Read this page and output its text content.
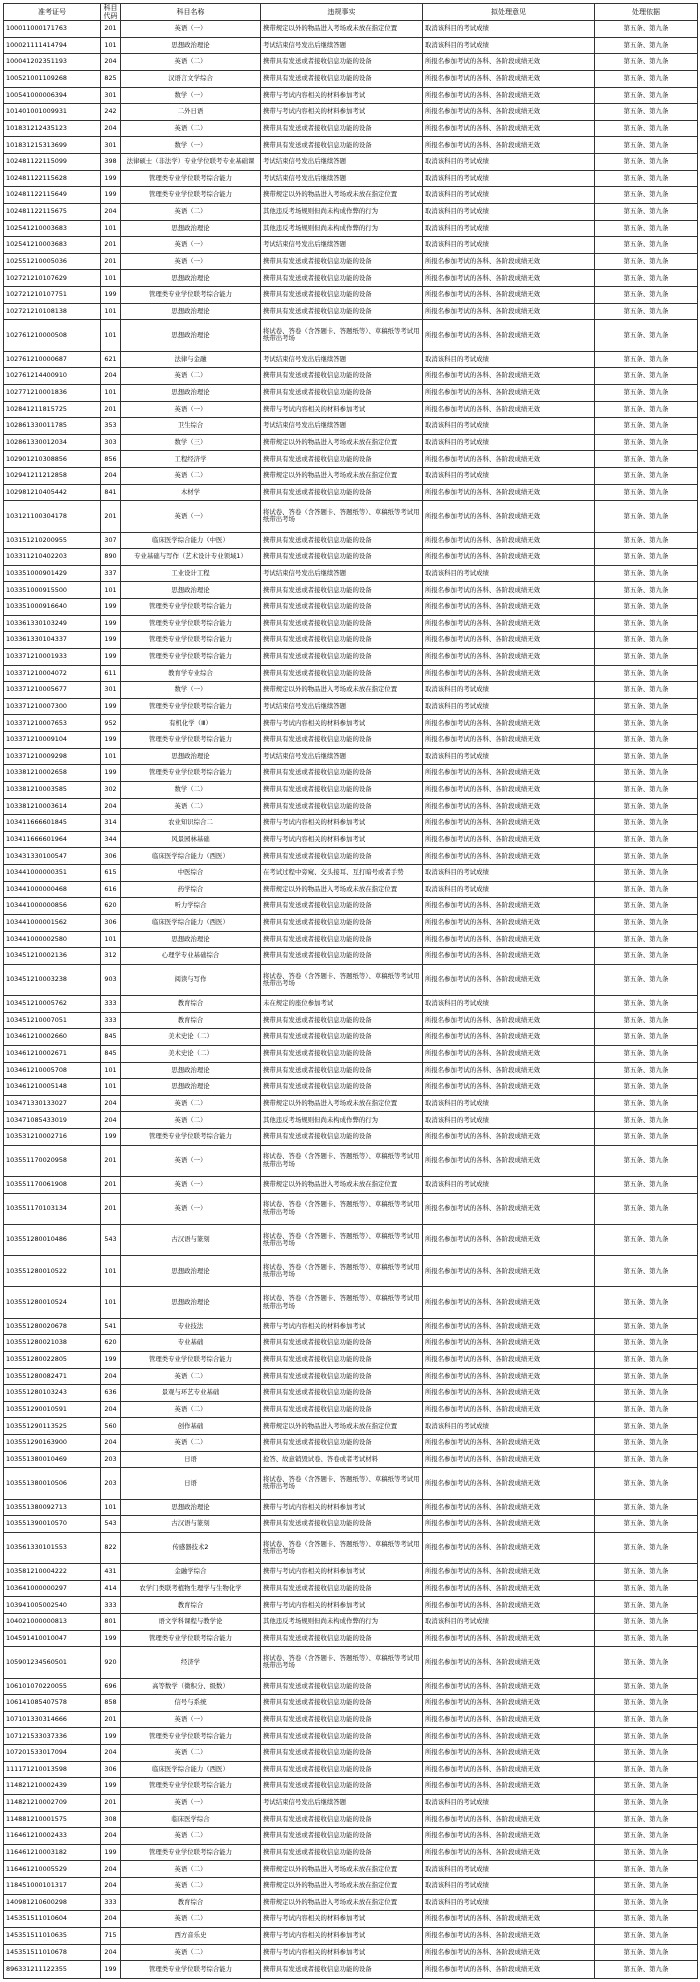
准考证号	科目代码	科目名称	违规事实	拟处理意见	处理依据
10001100017176​3	201	英语（一）	携带规定以外的物品进入考场或未放在指定位置	取消该科目的考试成绩	第五条、第九条
100021111414794	101	思想政治理论	考试结束信号发出后继续答题	取消该科目的考试成绩	第五条、第九条
100041202351193	204	英语（二）	携带具有发送或者接收信息功能的设备	所报名参加考试的各科、各阶段成绩无效	第五条、第九条
100521001109268	825	汉语言文学综合	携带具有发送或者接收信息功能的设备	所报名参加考试的各科、各阶段成绩无效	第五条、第九条
100541000006394	301	数学（一）	携带与考试内容相关的材料参加考试	所报名参加考试的各科、各阶段成绩无效	第五条、第九条
101401001009931	242	二外日语	携带与考试内容相关的材料参加考试	所报名参加考试的各科、各阶段成绩无效	第五条、第九条
101831212435123	204	英语（二）	携带具有发送或者接收信息功能的设备	所报名参加考试的各科、各阶段成绩无效	第五条、第九条
101831215313699	301	数学（一）	携带具有发送或者接收信息功能的设备	所报名参加考试的各科、各阶段成绩无效	第五条、第九条
102481122115099	398	法律硕士（非法学）专业学位联考专业基础课	考试结束信号发出后继续答题	取消该科目的考试成绩	第五条、第九条
102481122115628	199	管理类专业学位联考综合能力	考试结束信号发出后继续答题	取消该科目的考试成绩	第五条、第九条
102481122115649	199	管理类专业学位联考综合能力	携带规定以外的物品进入考场或未放在指定位置	取消该科目的考试成绩	第五条、第九条
102481122115675	204	英语（二）	其他违反考场规则但尚未构成作弊的行为	取消该科目的考试成绩	第五条、第九条
102541210003683	101	思想政治理论	其他违反考场规则但尚未构成作弊的行为	取消该科目的考试成绩	第五条、第九条
102541210003683	201	英语（一）	考试结束信号发出后继续答题	取消该科目的考试成绩	第五条、第九条
102551210005036	201	英语（一）	携带具有发送或者接收信息功能的设备	所报名参加考试的各科、各阶段成绩无效	第五条、第九条
102721210107629	101	思想政治理论	携带具有发送或者接收信息功能的设备	所报名参加考试的各科、各阶段成绩无效	第五条、第九条
102721210107751	199	管理类专业学位联考综合能力	携带具有发送或者接收信息功能的设备	所报名参加考试的各科、各阶段成绩无效	第五条、第九条
102721210108138	101	思想政治理论	携带具有发送或者接收信息功能的设备	所报名参加考试的各科、各阶段成绩无效	第五条、第九条
102761210000508	101	思想政治理论	将试卷、答卷（含答题卡、答题纸等）、草稿纸等考试用纸带出考场	所报名参加考试的各科、各阶段成绩无效	第五条、第九条
102761210000687	621	法律与金融	考试结束信号发出后继续答题	取消该科目的考试成绩	第五条、第九条
102761214400910	204	英语（二）	携带具有发送或者接收信息功能的设备	所报名参加考试的各科、各阶段成绩无效	第五条、第九条
102771210001836	101	思想政治理论	携带具有发送或者接收信息功能的设备	所报名参加考试的各科、各阶段成绩无效	第五条、第九条
102841211815725	201	英语（一）	携带与考试内容相关的材料参加考试	所报名参加考试的各科、各阶段成绩无效	第五条、第九条
102861330011785	353	卫生综合	考试结束信号发出后继续答题	取消该科目的考试成绩	第五条、第九条
102861330012034	303	数学（三）	携带规定以外的物品进入考场或未放在指定位置	取消该科目的考试成绩	第五条、第九条
102901210308856	856	工程经济学	携带具有发送或者接收信息功能的设备	所报名参加考试的各科、各阶段成绩无效	第五条、第九条
102941211212858	204	英语（二）	携带规定以外的物品进入考场或未放在指定位置	取消该科目的考试成绩	第五条、第九条
102981210405442	841	木材学	携带具有发送或者接收信息功能的设备	所报名参加考试的各科、各阶段成绩无效	第五条、第九条
103121100304178	201	英语（一）	将试卷、答卷（含答题卡、答题纸等）、草稿纸等考试用纸带出考场	所报名参加考试的各科、各阶段成绩无效	第五条、第九条
103151210200955	307	临床医学综合能力（中医）	携带具有发送或者接收信息功能的设备	所报名参加考试的各科、各阶段成绩无效	第五条、第九条
103311210402203	890	专业基础与写作（艺术设计专业领域1）	携带具有发送或者接收信息功能的设备	所报名参加考试的各科、各阶段成绩无效	第五条、第九条
103351000901429	337	工业设计工程	考试结束信号发出后继续答题	取消该科目的考试成绩	第五条、第九条
103351000915500	101	思想政治理论	携带具有发送或者接收信息功能的设备	所报名参加考试的各科、各阶段成绩无效	第五条、第九条
103351000916640	199	管理类专业学位联考综合能力	携带具有发送或者接收信息功能的设备	所报名参加考试的各科、各阶段成绩无效	第五条、第九条
103361330103249	199	管理类专业学位联考综合能力	携带具有发送或者接收信息功能的设备	所报名参加考试的各科、各阶段成绩无效	第五条、第九条
103361330104337	199	管理类专业学位联考综合能力	携带具有发送或者接收信息功能的设备	所报名参加考试的各科、各阶段成绩无效	第五条、第九条
103371210001933	199	管理类专业学位联考综合能力	携带具有发送或者接收信息功能的设备	所报名参加考试的各科、各阶段成绩无效	第五条、第九条
103371210004072	611	教育学专业综合	携带具有发送或者接收信息功能的设备	所报名参加考试的各科、各阶段成绩无效	第五条、第九条
103371210005677	301	数学（一）	携带规定以外的物品进入考场或未放在指定位置	取消该科目的考试成绩	第五条、第九条
103371210007300	199	管理类专业学位联考综合能力	考试结束信号发出后继续答题	取消该科目的考试成绩	第五条、第九条
103371210007653	952	有机化学（Ⅲ）	携带与考试内容相关的材料参加考试	所报名参加考试的各科、各阶段成绩无效	第五条、第九条
103371210009104	199	管理类专业学位联考综合能力	携带具有发送或者接收信息功能的设备	所报名参加考试的各科、各阶段成绩无效	第五条、第九条
103371210009298	101	思想政治理论	考试结束信号发出后继续答题	取消该科目的考试成绩	第五条、第九条
103381210002658	199	管理类专业学位联考综合能力	携带具有发送或者接收信息功能的设备	所报名参加考试的各科、各阶段成绩无效	第五条、第九条
103381210003585	302	数学（二）	携带具有发送或者接收信息功能的设备	所报名参加考试的各科、各阶段成绩无效	第五条、第九条
103381210003614	204	英语（二）	携带具有发送或者接收信息功能的设备	所报名参加考试的各科、各阶段成绩无效	第五条、第九条
103411666601845	314	农业知识综合二	携带与考试内容相关的材料参加考试	所报名参加考试的各科、各阶段成绩无效	第五条、第九条
103411666601964	344	风景园林基础	携带与考试内容相关的材料参加考试	所报名参加考试的各科、各阶段成绩无效	第五条、第九条
103431330100547	306	临床医学综合能力（西医）	携带具有发送或者接收信息功能的设备	所报名参加考试的各科、各阶段成绩无效	第五条、第九条
103441000000351	615	中医综合	在考试过程中旁窥、交头接耳、互打暗号或者手势	取消该科目的考试成绩	第五条、第九条
103441000000468	616	药学综合	携带规定以外的物品进入考场或未放在指定位置	取消该科目的考试成绩	第五条、第九条
103441000000856	620	听力学综合	携带具有发送或者接收信息功能的设备	所报名参加考试的各科、各阶段成绩无效	第五条、第九条
103441000001562	306	临床医学综合能力（西医）	携带具有发送或者接收信息功能的设备	所报名参加考试的各科、各阶段成绩无效	第五条、第九条
103441000002580	101	思想政治理论	携带具有发送或者接收信息功能的设备	所报名参加考试的各科、各阶段成绩无效	第五条、第九条
103451210002136	312	心理学专业基础综合	携带具有发送或者接收信息功能的设备	所报名参加考试的各科、各阶段成绩无效	第五条、第九条
103451210003238	903	阅读与写作	将试卷、答卷（含答题卡、答题纸等）、草稿纸等考试用纸带出考场	所报名参加考试的各科、各阶段成绩无效	第五条、第九条
103451210005762	333	教育综合	未在规定的座位参加考试	取消该科目的考试成绩	第五条、第九条
103451210007051	333	教育综合	携带具有发送或者接收信息功能的设备	所报名参加考试的各科、各阶段成绩无效	第五条、第九条
103461210002660	845	美术史论（二）	携带具有发送或者接收信息功能的设备	所报名参加考试的各科、各阶段成绩无效	第五条、第九条
103461210002671	845	美术史论（二）	携带具有发送或者接收信息功能的设备	所报名参加考试的各科、各阶段成绩无效	第五条、第九条
103461210005708	101	思想政治理论	携带具有发送或者接收信息功能的设备	所报名参加考试的各科、各阶段成绩无效	第五条、第九条
103461210005148	101	思想政治理论	携带具有发送或者接收信息功能的设备	所报名参加考试的各科、各阶段成绩无效	第五条、第九条
103471330133027	204	英语（二）	携带规定以外的物品进入考场或未放在指定位置	取消该科目的考试成绩	第五条、第九条
103471085433019	204	英语（二）	其他违反考场规则但尚未构成作弊的行为	取消该科目的考试成绩	第五条、第九条
103531210002716	199	管理类专业学位联考综合能力	携带具有发送或者接收信息功能的设备	所报名参加考试的各科、各阶段成绩无效	第五条、第九条
103551170020958	201	英语（一）	将试卷、答卷（含答题卡、答题纸等）、草稿纸等考试用纸带出考场	所报名参加考试的各科、各阶段成绩无效	第五条、第九条
103551170061908	201	英语（一）	携带规定以外的物品进入考场或未放在指定位置	取消该科目的考试成绩	第五条、第九条
103551170103134	201	英语（一）	将试卷、答卷（含答题卡、答题纸等）、草稿纸等考试用纸带出考场	所报名参加考试的各科、各阶段成绩无效	第五条、第九条
103551280010486	543	古汉语与篆刻	将试卷、答卷（含答题卡、答题纸等）、草稿纸等考试用纸带出考场	所报名参加考试的各科、各阶段成绩无效	第五条、第九条
103551280010522	101	思想政治理论	将试卷、答卷（含答题卡、答题纸等）、草稿纸等考试用纸带出考场	所报名参加考试的各科、各阶段成绩无效	第五条、第九条
103551280010524	101	思想政治理论	将试卷、答卷（含答题卡、答题纸等）、草稿纸等考试用纸带出考场	所报名参加考试的各科、各阶段成绩无效	第五条、第九条
103551280020678	541	专业技法	携带与考试内容相关的材料参加考试	所报名参加考试的各科、各阶段成绩无效	第五条、第九条
103551280021038	620	专业基础	携带具有发送或者接收信息功能的设备	所报名参加考试的各科、各阶段成绩无效	第五条、第九条
103551280022805	199	管理类专业学位联考综合能力	携带具有发送或者接收信息功能的设备	所报名参加考试的各科、各阶段成绩无效	第五条、第九条
103551280082471	204	英语（二）	携带具有发送或者接收信息功能的设备	所报名参加考试的各科、各阶段成绩无效	第五条、第九条
103551280103243	636	景观与环艺专业基础	携带具有发送或者接收信息功能的设备	所报名参加考试的各科、各阶段成绩无效	第五条、第九条
103551290010591	204	英语（二）	携带具有发送或者接收信息功能的设备	所报名参加考试的各科、各阶段成绩无效	第五条、第九条
103551290113525	560	创作基础	携带规定以外的物品进入考场或未放在指定位置	取消该科目的考试成绩	第五条、第九条
103551290163900	204	英语（二）	携带具有发送或者接收信息功能的设备	所报名参加考试的各科、各阶段成绩无效	第五条、第九条
103551380010469	203	日语	抢答、故意销毁试卷、答卷或者考试材料	所报名参加考试的各科、各阶段成绩无效	第五条、第九条
103551380010506	203	日语	将试卷、答卷（含答题卡、答题纸等）、草稿纸等考试用纸带出考场	所报名参加考试的各科、各阶段成绩无效	第五条、第九条
103551380092713	101	思想政治理论	携带与考试内容相关的材料参加考试	所报名参加考试的各科、各阶段成绩无效	第五条、第九条
103551390010570	543	古汉语与篆刻	携带具有发送或者接收信息功能的设备	所报名参加考试的各科、各阶段成绩无效	第五条、第九条
103561330101553	822	传感器技术2	将试卷、答卷（含答题卡、答题纸等）、草稿纸等考试用纸带出考场	所报名参加考试的各科、各阶段成绩无效	第五条、第九条
103581210004222	431	金融学综合	携带与考试内容相关的材料参加考试	所报名参加考试的各科、各阶段成绩无效	第五条、第九条
103641000000297	414	农学门类联考植物生理学与生物化学	携带具有发送或者接收信息功能的设备	所报名参加考试的各科、各阶段成绩无效	第五条、第九条
103941005002540	333	教育综合	携带与考试内容相关的材料参加考试	所报名参加考试的各科、各阶段成绩无效	第五条、第九条
104021000000813	801	语文学科课程与教学论	其他违反考场规则但尚未构成作弊的行为	取消该科目的考试成绩	第五条、第九条
104591410010047	199	管理类专业学位联考综合能力	携带具有发送或者接收信息功能的设备	所报名参加考试的各科、各阶段成绩无效	第五条、第九条
105901234560501	920	经济学	将试卷、答卷（含答题卡、答题纸等）、草稿纸等考试用纸带出考场	所报名参加考试的各科、各阶段成绩无效	第五条、第九条
106101070220055	696	高等数学（微积分、级数）	携带具有发送或者接收信息功能的设备	所报名参加考试的各科、各阶段成绩无效	第五条、第九条
106141085407578	858	信号与系统	携带具有发送或者接收信息功能的设备	所报名参加考试的各科、各阶段成绩无效	第五条、第九条
107101330314666	201	英语（一）	携带具有发送或者接收信息功能的设备	所报名参加考试的各科、各阶段成绩无效	第五条、第九条
107121533037336	199	管理类专业学位联考综合能力	携带具有发送或者接收信息功能的设备	所报名参加考试的各科、各阶段成绩无效	第五条、第九条
107201533017094	204	英语（二）	携带具有发送或者接收信息功能的设备	所报名参加考试的各科、各阶段成绩无效	第五条、第九条
111171210013598	306	临床医学综合能力（西医）	携带具有发送或者接收信息功能的设备	所报名参加考试的各科、各阶段成绩无效	第五条、第九条
114821210002439	199	管理类专业学位联考综合能力	携带具有发送或者接收信息功能的设备	所报名参加考试的各科、各阶段成绩无效	第五条、第九条
114821210002709	201	英语（一）	考试结束信号发出后继续答题	取消该科目的考试成绩	第五条、第九条
114881210001575	308	临床医学综合	携带具有发送或者接收信息功能的设备	所报名参加考试的各科、各阶段成绩无效	第五条、第九条
116461210002433	204	英语（二）	携带具有发送或者接收信息功能的设备	所报名参加考试的各科、各阶段成绩无效	第五条、第九条
116461210003182	199	管理类专业学位联考综合能力	携带具有发送或者接收信息功能的设备	所报名参加考试的各科、各阶段成绩无效	第五条、第九条
116461210005529	204	英语（二）	携带规定以外的物品进入考场或未放在指定位置	取消该科目的考试成绩	第五条、第九条
118451000101317	204	英语（二）	携带规定以外的物品进入考场或未放在指定位置	取消该科目的考试成绩	第五条、第九条
140981210600298	333	教育综合	携带规定以外的物品进入考场或未放在指定位置	取消该科目的考试成绩	第五条、第九条
145351511010604	204	英语（二）	携带与考试内容相关的材料参加考试	所报名参加考试的各科、各阶段成绩无效	第五条、第九条
145351511010635	715	西方音乐史	携带与考试内容相关的材料参加考试	所报名参加考试的各科、各阶段成绩无效	第五条、第九条
145351511010678	204	英语（二）	携带与考试内容相关的材料参加考试	所报名参加考试的各科、各阶段成绩无效	第五条、第九条
896331211122355	199	管理类专业学位联考综合能力	携带具有发送或者接收信息功能的设备	所报名参加考试的各科、各阶段成绩无效	第五条、第九条
